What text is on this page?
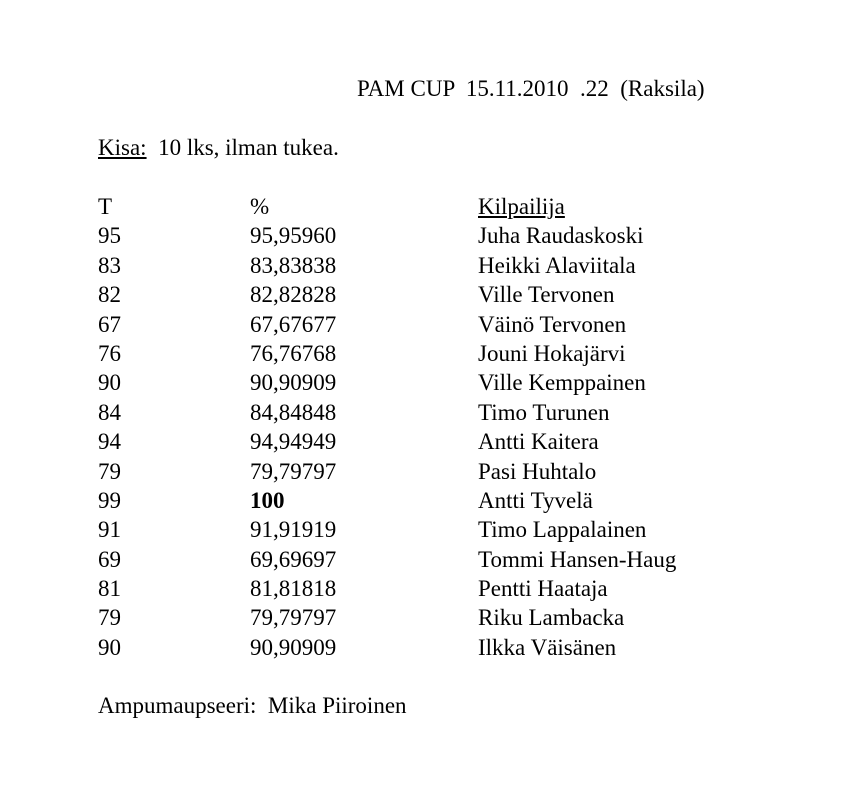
PAM CUP  15.11.2010  .22  (Raksila)
Kisa:  10 lks, ilman tukea.
T	%	Kilpailija
95	95,95960	Juha Raudaskoski
83	83,83838	Heikki Alaviitala
82	82,82828	Ville Tervonen
67	67,67677	Väinö Tervonen
76	76,76768	Jouni Hokajärvi
90	90,90909	Ville Kemppainen
84	84,84848	Timo Turunen
94	94,94949	Antti Kaitera
79	79,79797	Pasi Huhtalo
99	100	Antti Tyvelä
91	91,91919	Timo Lappalainen
69	69,69697	Tommi Hansen-Haug
81	81,81818	Pentti Haataja
79	79,79797	Riku Lambacka
90	90,90909	Ilkka Väisänen
Ampumaupseeri:  Mika Piiroinen
